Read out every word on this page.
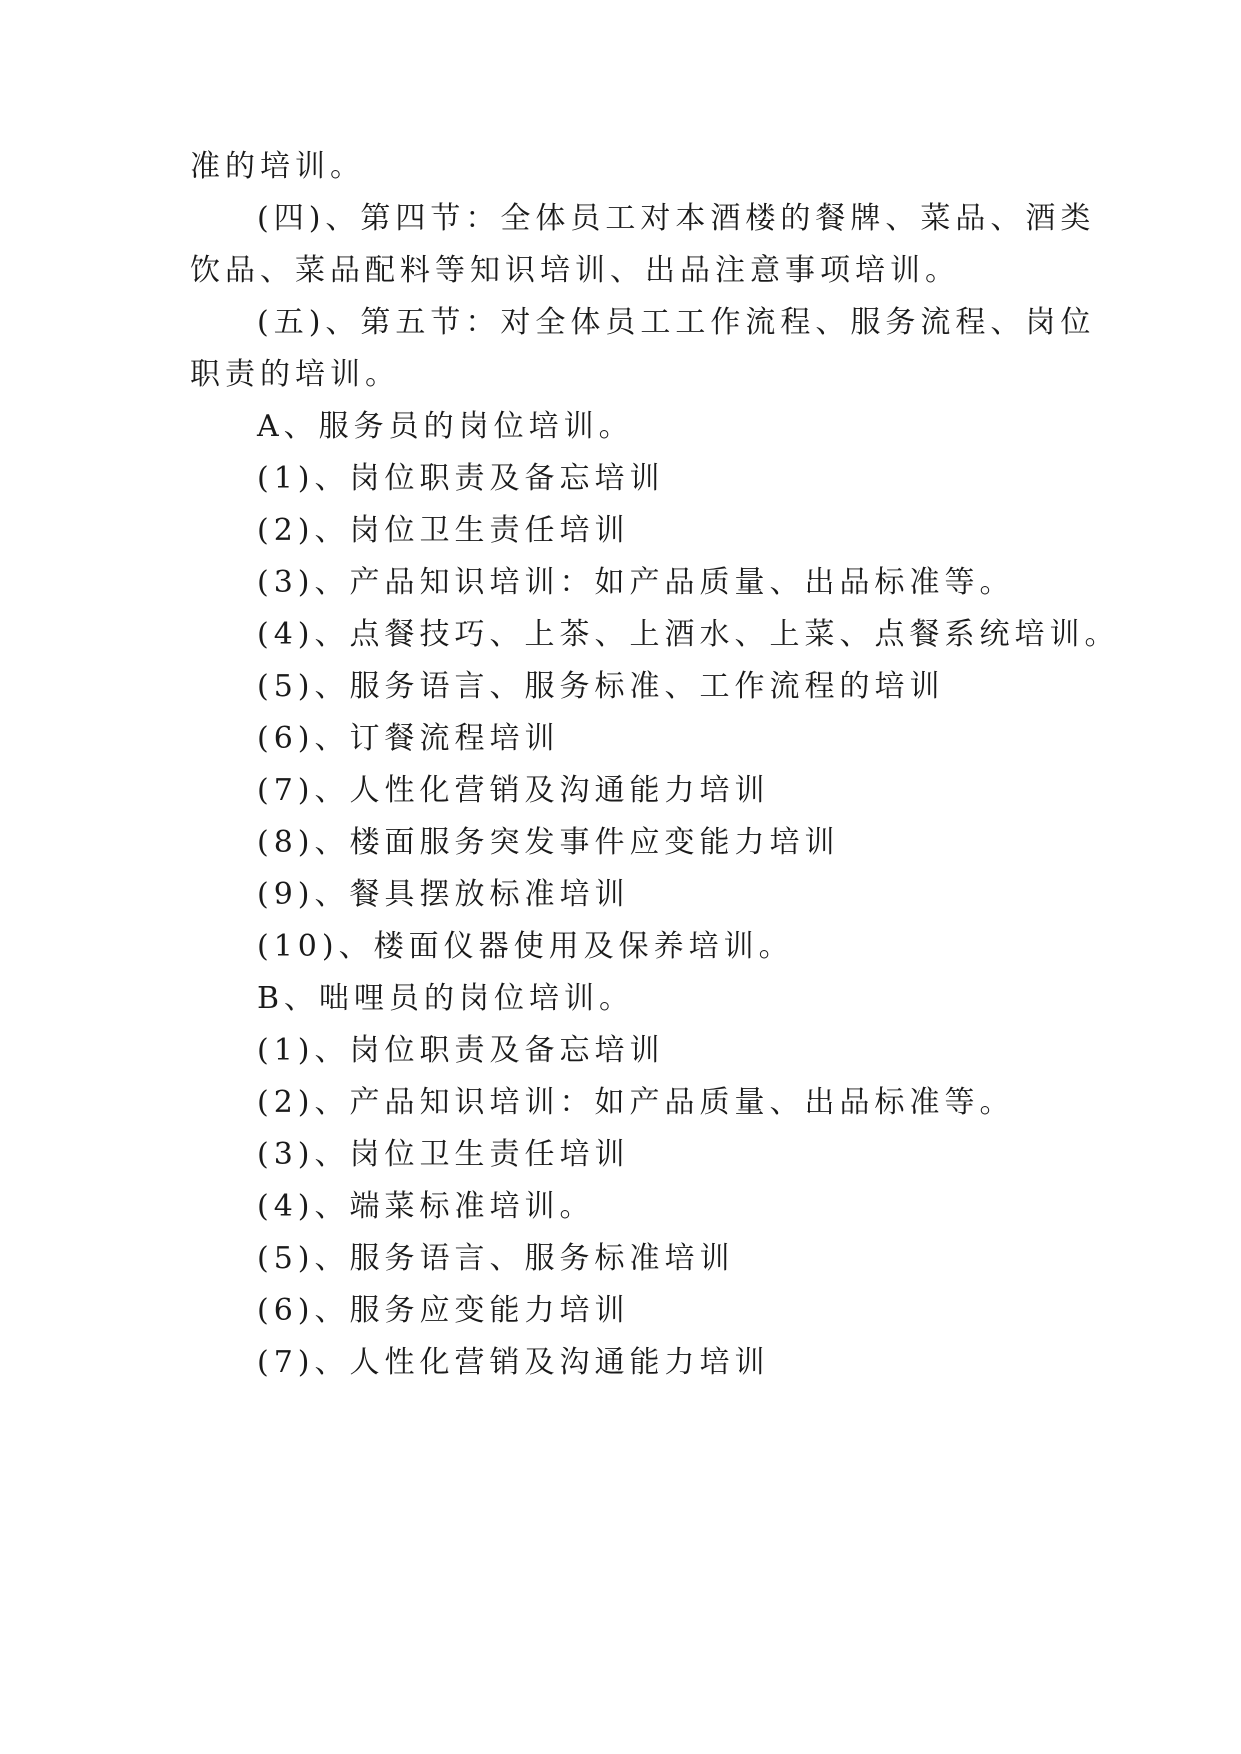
准的培训。
(四)、第四节：全体员工对本酒楼的餐牌、菜品、酒类
饮品、菜品配料等知识培训、出品注意事项培训。
(五)、第五节：对全体员工工作流程、服务流程、岗位
职责的培训。
A、服务员的岗位培训。
(1)、岗位职责及备忘培训
(2)、岗位卫生责任培训
(3)、产品知识培训：如产品质量、出品标准等。
(4)、点餐技巧、上茶、上酒水、上菜、点餐系统培训。
(5)、服务语言、服务标准、工作流程的培训
(6)、订餐流程培训
(7)、人性化营销及沟通能力培训
(8)、楼面服务突发事件应变能力培训
(9)、餐具摆放标准培训
(10)、楼面仪器使用及保养培训。
B、咄哩员的岗位培训。
(1)、岗位职责及备忘培训
(2)、产品知识培训：如产品质量、出品标准等。
(3)、岗位卫生责任培训
(4)、端菜标准培训。
(5)、服务语言、服务标准培训
(6)、服务应变能力培训
(7)、人性化营销及沟通能力培训
